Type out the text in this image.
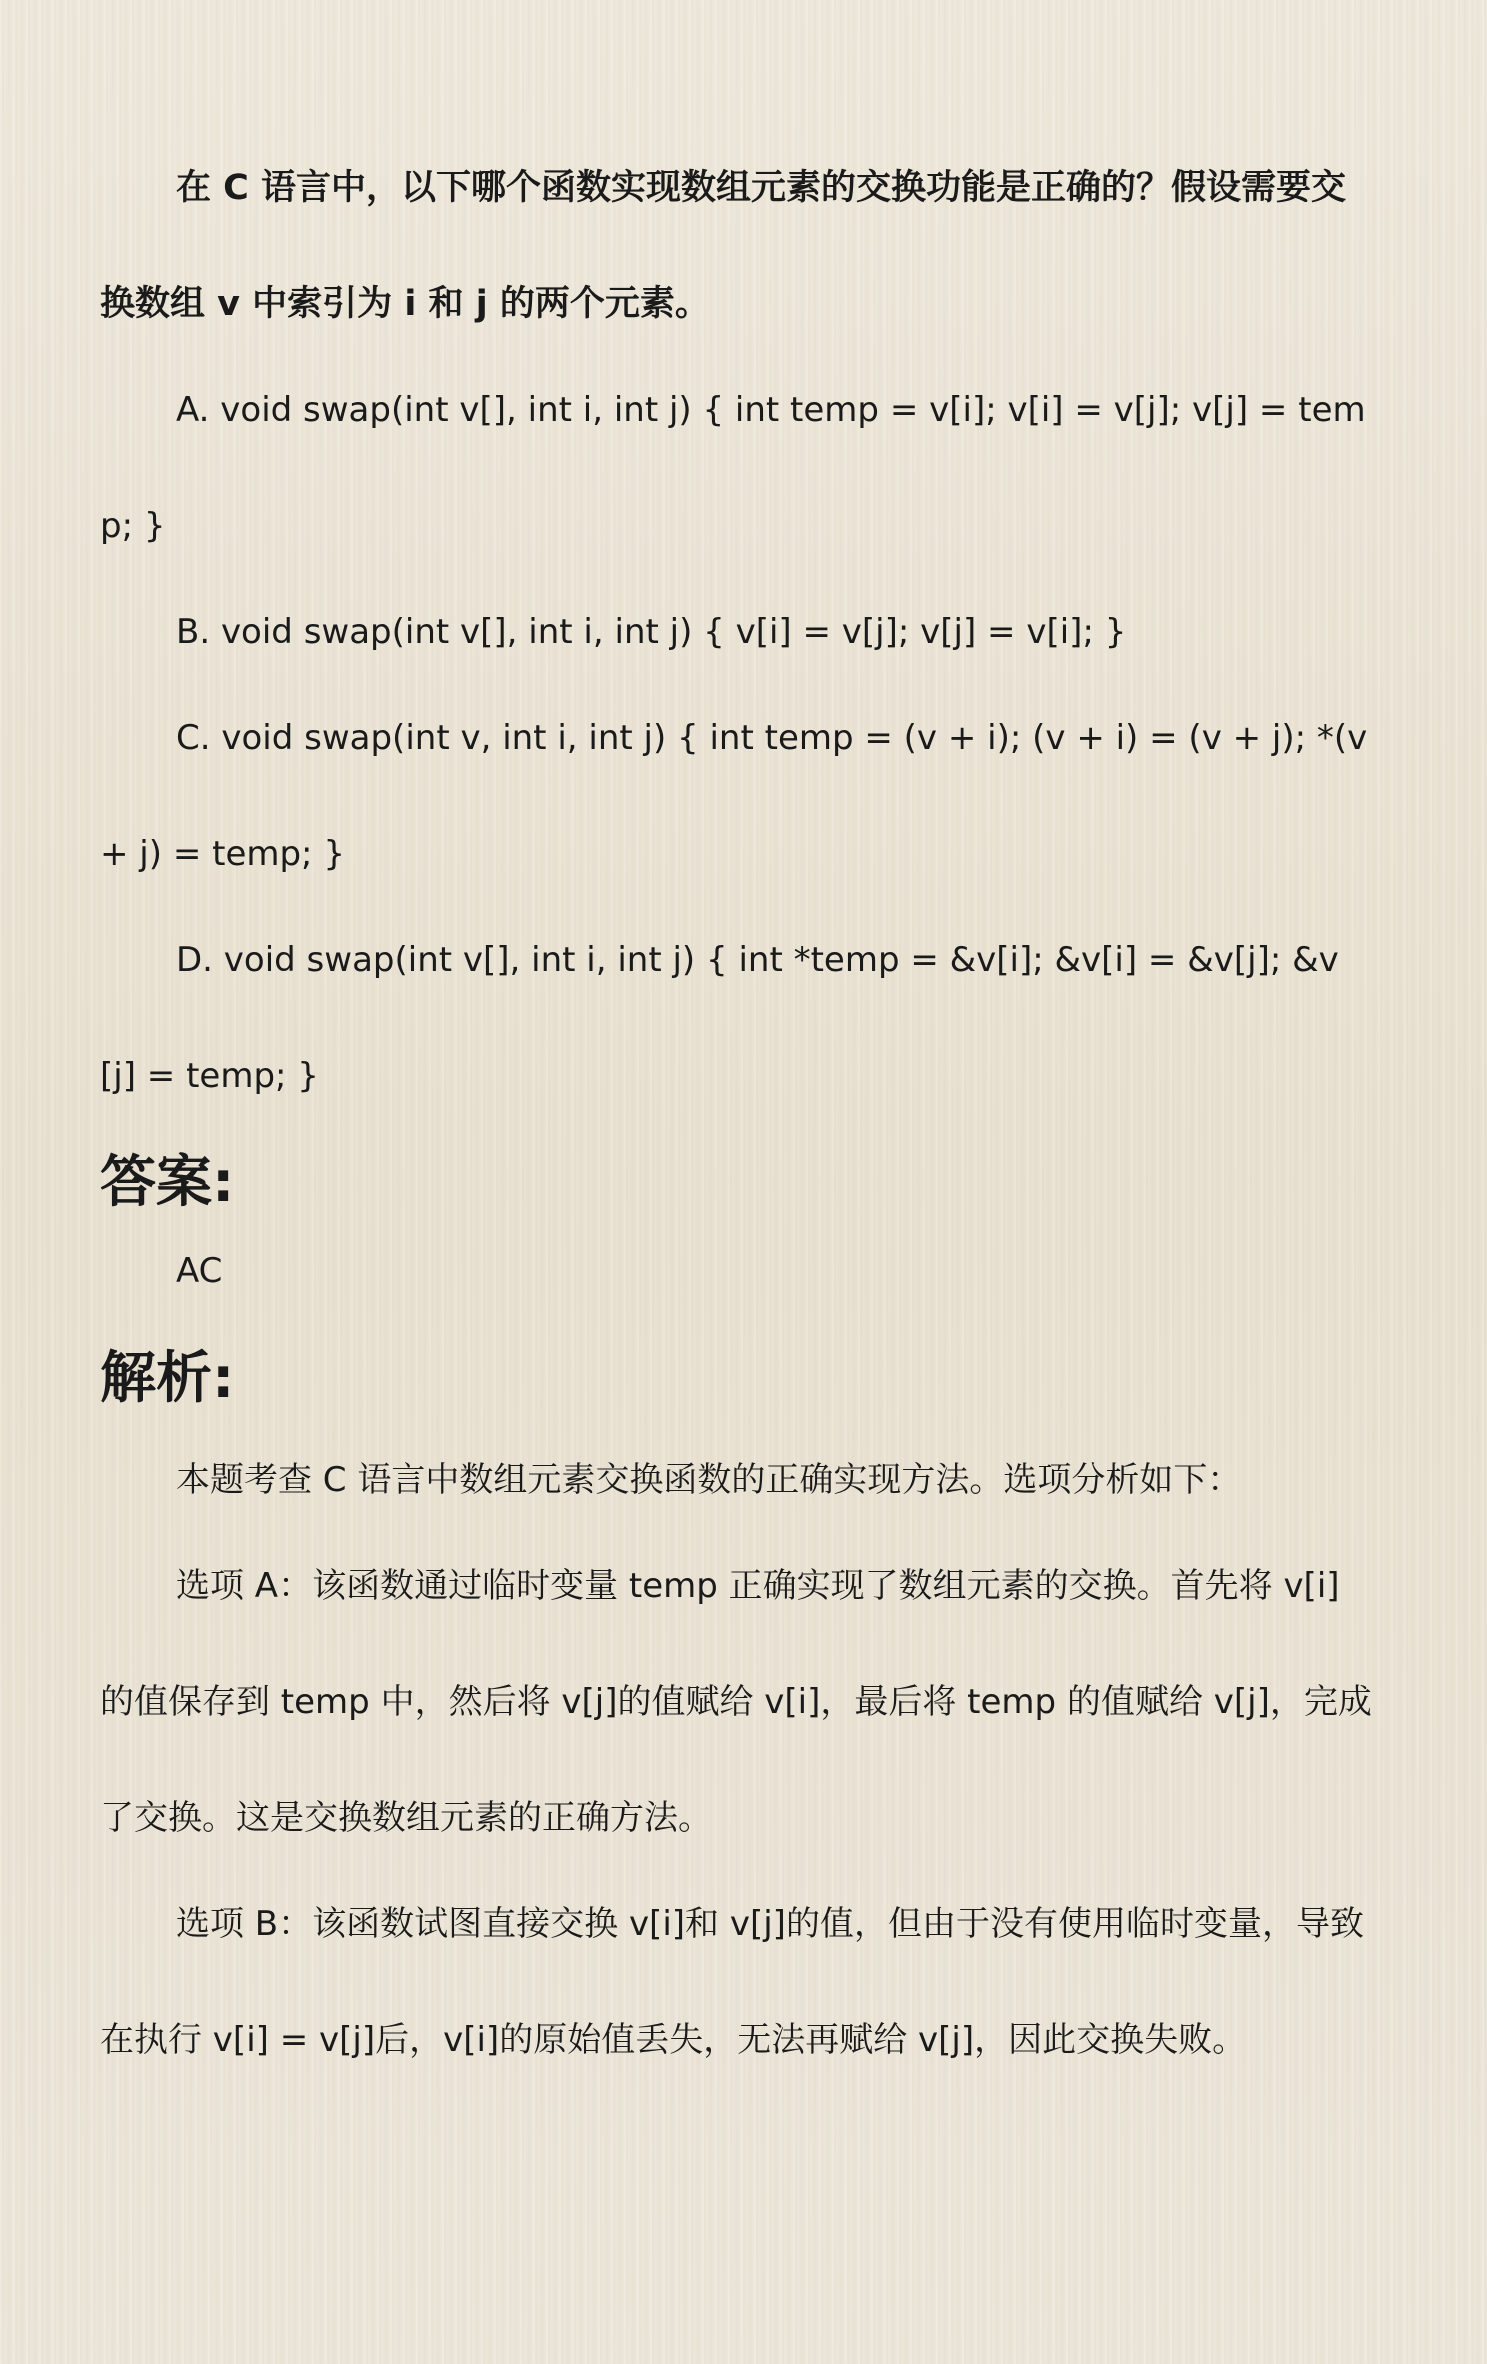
在 C 语言中，以下哪个函数实现数组元素的交换功能是正确的？假设需要交换数组 v 中索引为 i 和 j 的两个元素。

A. void swap(int v[], int i, int j) { int temp = v[i]; v[i] = v[j]; v[j] = temp; }

B. void swap(int v[], int i, int j) { v[i] = v[j]; v[j] = v[i]; }

C. void swap(int v, int i, int j) { int temp = (v + i); (v + i) = (v + j); *(v + j) = temp; }

D. void swap(int v[], int i, int j) { int *temp = &v[i]; &v[i] = &v[j]; &v[j] = temp; }

答案:

AC

解析:

本题考查 C 语言中数组元素交换函数的正确实现方法。选项分析如下：

选项 A：该函数通过临时变量 temp 正确实现了数组元素的交换。首先将 v[i]的值保存到 temp 中，然后将 v[j]的值赋给 v[i]，最后将 temp 的值赋给 v[j]，完成了交换。这是交换数组元素的正确方法。

选项 B：该函数试图直接交换 v[i]和 v[j]的值，但由于没有使用临时变量，导致在执行 v[i] = v[j]后，v[i]的原始值丢失，无法再赋给 v[j]，因此交换失败。
